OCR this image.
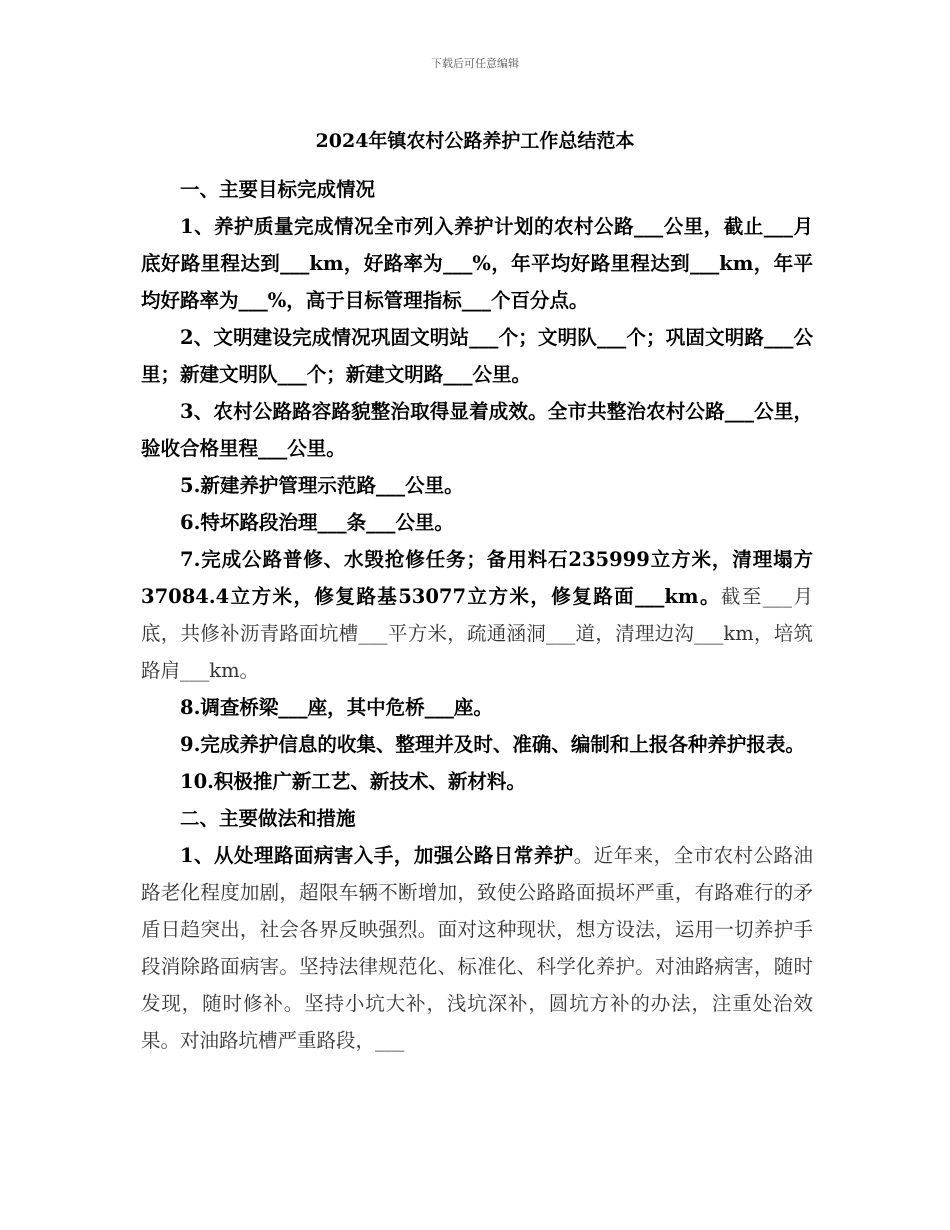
下载后可任意编辑
2024年镇农村公路养护工作总结范本

一、主要目标完成情况

1、养护质量完成情况全市列入养护计划的农村公路___公里，截止___月底好路里程达到___km，好路率为___%，年平均好路里程达到___km，年平均好路率为___%，高于目标管理指标___个百分点。

2、文明建设完成情况巩固文明站___个；文明队___个；巩固文明路___公里；新建文明队___个；新建文明路___公里。

3、农村公路路容路貌整治取得显着成效。全市共整治农村公路___公里，验收合格里程___公里。

5.新建养护管理示范路___公里。

6.特坏路段治理___条___公里。

7.完成公路普修、水毁抢修任务；备用料石235999立方米，清理塌方37084.4立方米，修复路基53077立方米，修复路面___km。截至___月底，共修补沥青路面坑槽___平方米，疏通涵洞___道，清理边沟___km，培筑路肩___km。

8.调查桥梁___座，其中危桥___座。

9.完成养护信息的收集、整理并及时、准确、编制和上报各种养护报表。

10.积极推广新工艺、新技术、新材料。

二、主要做法和措施

1、从处理路面病害入手，加强公路日常养护。近年来，全市农村公路油路老化程度加剧，超限车辆不断增加，致使公路路面损坏严重，有路难行的矛盾日趋突出，社会各界反映强烈。面对这种现状，想方设法，运用一切养护手段消除路面病害。坚持法律规范化、标准化、科学化养护。对油路病害，随时发现，随时修补。坚持小坑大补，浅坑深补，圆坑方补的办法，注重处治效果。对油路坑槽严重路段，___
